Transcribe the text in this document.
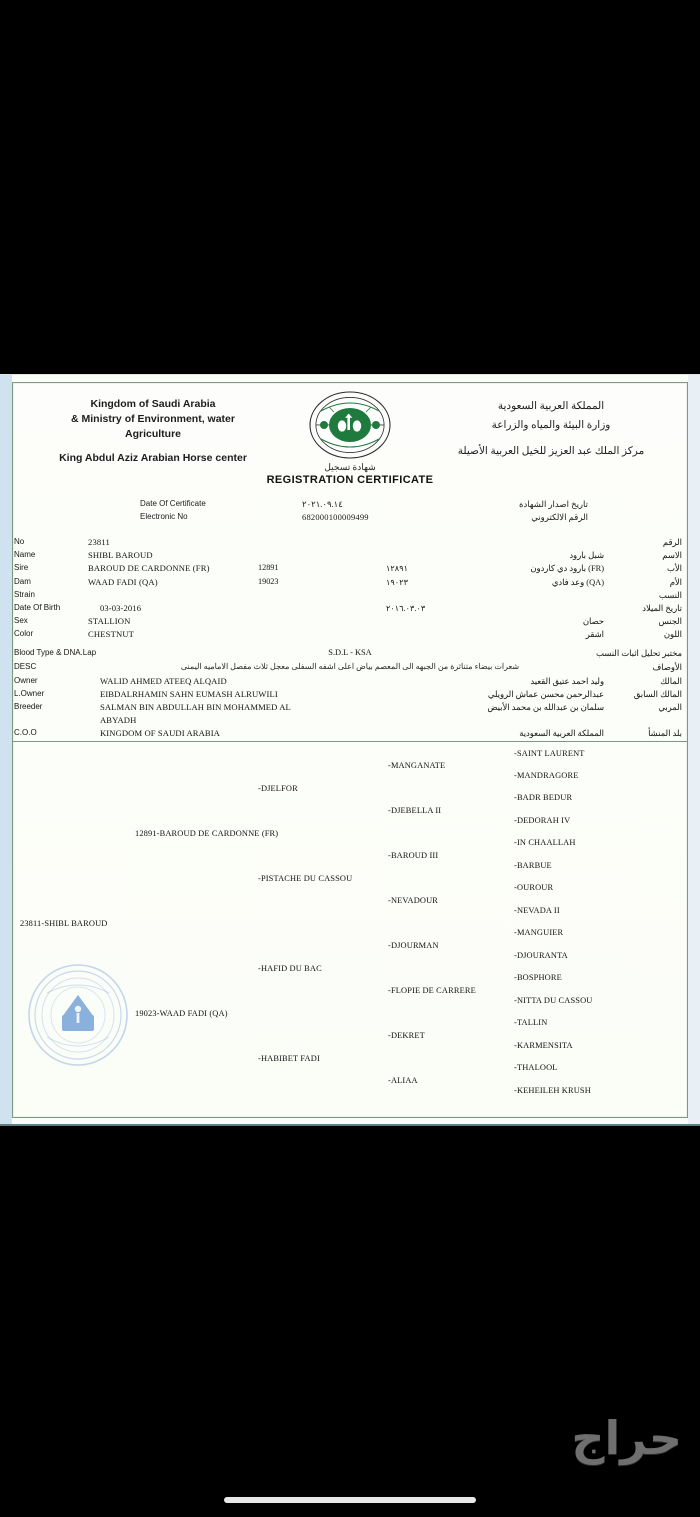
Kingdom of Saudi Arabia
& Ministry of Environment, water
Agriculture
King Abdul Aziz Arabian Horse center
المملكة العربية السعودية
وزارة البيئة والمياه والزراعة
مركز الملك عبد العزيز للخيل العربية الأصيلة
شهادة تسجيل
REGISTRATION CERTIFICATE
Date Of Certificate	٢٠٢١.٠٩.١٤	تاريخ اصدار الشهادة
Electronic No	682000100009499	الرقم الالكتروني
No	23811	الرقم
Name	SHIBL BAROUD	شبل بارود	الاسم
Sire	BAROUD DE CARDONNE (FR)	12891	١٢٨٩١	(FR) بارود دي كاردون	الأب
Dam	WAAD FADI (QA)	19023	١٩٠٢٣	(QA) وعد فادي	الأم
Strain	النسب
Date Of Birth	03-03-2016	٢٠١٦.٠٣.٠٣	تاريخ الميلاد
Sex	STALLION	حصان	الجنس
Color	CHESTNUT	اشقر	اللون
Blood Type & DNA.Lap	S.D.L - KSA	مختبر تحليل اثبات النسب
DESC	شعرات بيضاء متناثرة من الجبهه الى المعصم بياض اعلى اشفه السفلى معجل ثلاث مفصل الاماميه اليمنى	الأوصاف
Owner	WALID AHMED ATEEQ ALQAID	وليد احمد عتيق القعيد	المالك
L.Owner	EIBDALRHAMIN SAHN EUMASH ALRUWILI	عبدالرحمن محسن عماش الرويلي	المالك السابق
Breeder	SALMAN BIN ABDULLAH BIN MOHAMMED AL	سلمان بن عبدالله بن محمد الأبيض	المربي
ABYADH
C.O.O	KINGDOM OF SAUDI ARABIA	المملكة العربية السعودية	بلد المنشأ
23811-SHIBL BAROUD
12891-BAROUD DE CARDONNE (FR)
19023-WAAD FADI (QA)
-DJELFOR
-PISTACHE DU CASSOU
-HAFID DU BAC
-HABIBET FADI
-MANGANATE
-DJEBELLA II
-BAROUD III
-NEVADOUR
-DJOURMAN
-FLOPIE DE CARRERE
-DEKRET
-ALIAA
-SAINT LAURENT
-MANDRAGORE
-BADR BEDUR
-DEDORAH IV
-IN CHAALLAH
-BARBUE
-OUROUR
-NEVADA II
-MANGUIER
-DJOURANTA
-BOSPHORE
-NITTA DU CASSOU
-TALLIN
-KARMENSITA
-THALOOL
-KEHEILEH KRUSH
حراج
